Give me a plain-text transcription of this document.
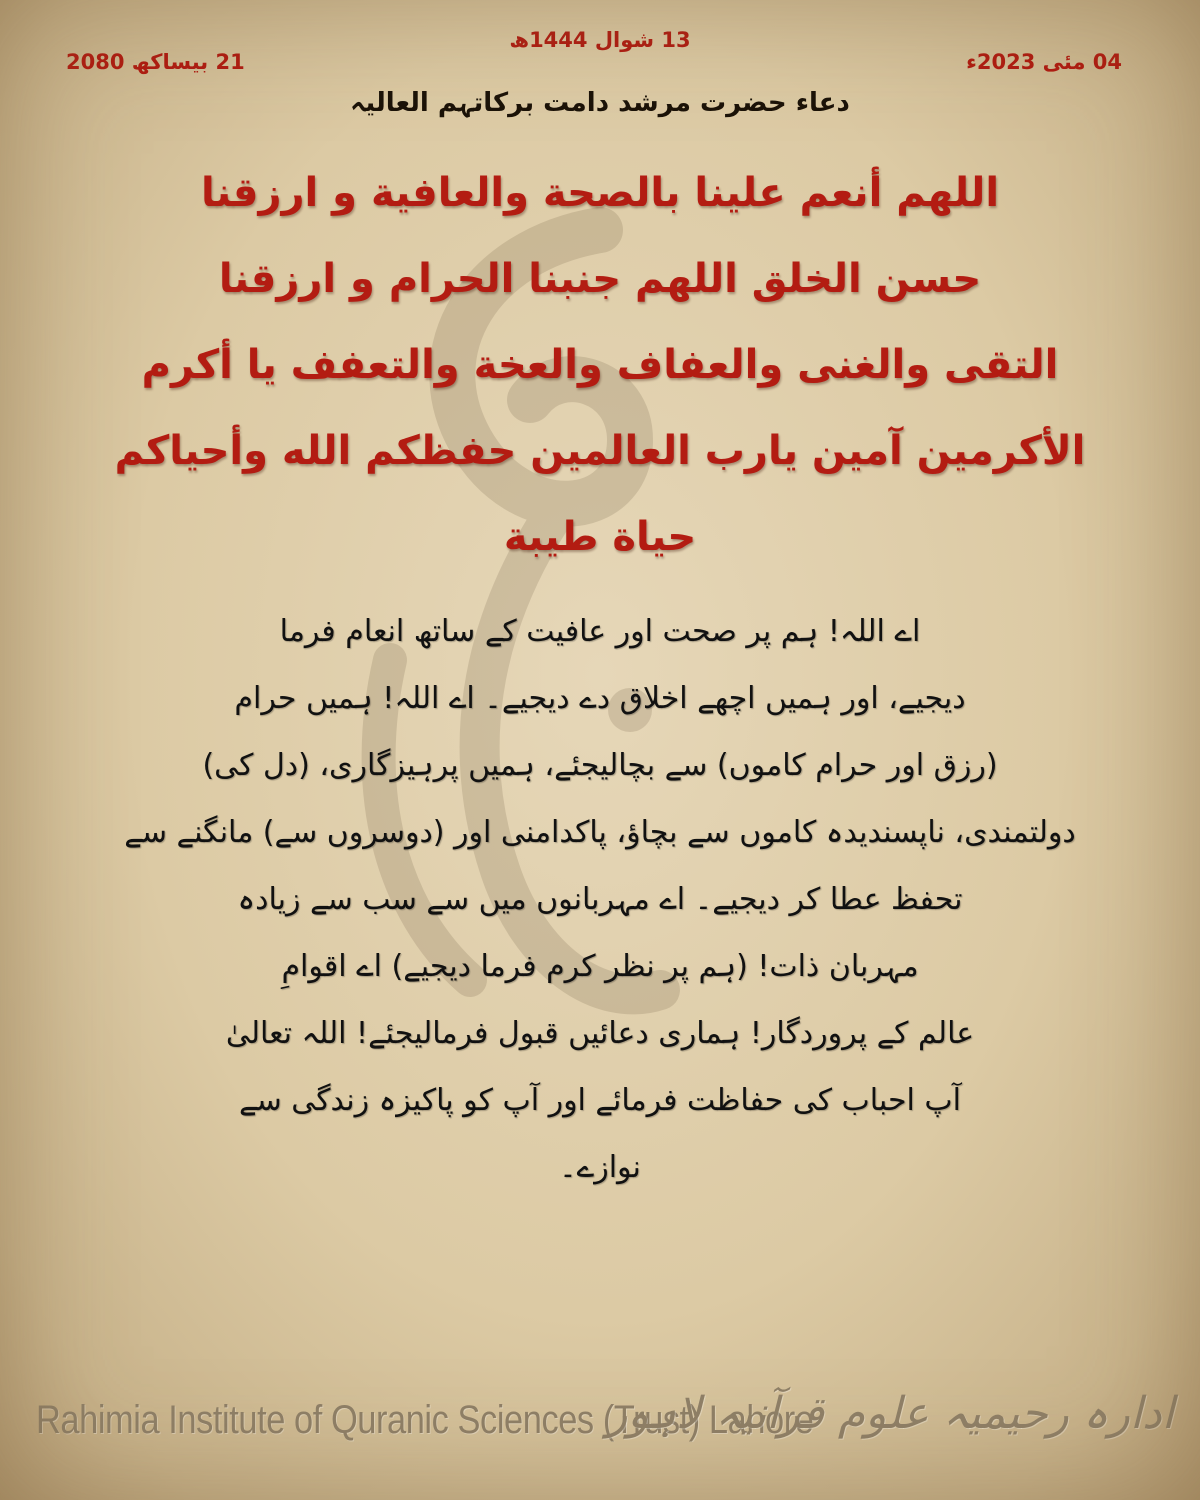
13 شوال 1444ھ
04 مئی 2023ء
21 بیساکھ 2080
دعاء حضرت مرشد دامت برکاتہم العالیہ
اللهم أنعم علينا بالصحة والعافية و ارزقنا
حسن الخلق اللهم جنبنا الحرام و ارزقنا
التقى والغنى والعفاف والعخة والتعفف يا أكرم
الأكرمين آمين يارب العالمين حفظكم الله وأحياكم
حياة طيبة
اے اللہ! ہم پر صحت اور عافیت کے ساتھ انعام فرما
دیجیے، اور ہمیں اچھے اخلاق دے دیجیے۔ اے اللہ! ہمیں حرام
(رزق اور حرام کاموں) سے بچالیجئے، ہمیں پرہیزگاری، (دل کی)
دولتمندی، ناپسندیدہ کاموں سے بچاؤ، پاکدامنی اور (دوسروں سے) مانگنے سے
تحفظ عطا کر دیجیے۔ اے مہربانوں میں سے سب سے زیادہ
مہربان ذات! (ہم پر نظر کرم فرما دیجیے) اے اقوامِ
عالم کے پروردگار! ہماری دعائیں قبول فرمالیجئے! اللہ تعالیٰ
آپ احباب کی حفاظت فرمائے اور آپ کو پاکیزہ زندگی سے
نوازے۔
Rahimia Institute of Quranic Sciences (Trust) Lahore
ادارہ رحیمیہ علوم قرآنیہ لاہور
